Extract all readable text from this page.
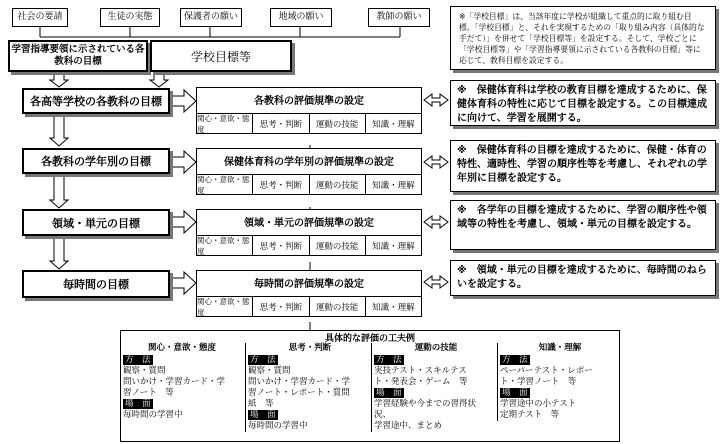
社会の要請	生徒の実態	保護者の願い	地域の願い	教師の願い
学習指導要領に示されている各教科の目標	学校目標等
※「学校目標」は、当該年度に学校が組織して重点的に取り組む目標。「学校目標」と、それを実現するための「取り組み内容（具体的な手だて）」を併せて「学校目標等」を設定する。そして、学校ごとに「学校目標等」や「学習指導要領に示されている各教科の目標」等に応じて、教科目標を設定する。
各高等学校の各教科の目標	各教科の評価規準の設定
関心・意欲・態度	思考・判断	運動の技能	知識・理解
※　保健体育科は学校の教育目標を達成するために、保健体育科の特性に応じて目標を設定する。この目標達成に向けて、学習を展開する。
各教科の学年別の目標	保健体育科の学年別の評価規準の設定
関心・意欲・態度	思考・判断	運動の技能	知識・理解
※　保健体育科の目標を達成するために、保健・体育の特性、適時性、学習の順序性等を考慮し、それぞれの学年別に目標を設定する。
領域・単元の目標	領域・単元の評価規準の設定
関心・意欲・態度	思考・判断	運動の技能	知識・理解
※　各学年の目標を達成するために、学習の順序性や領域等の特性を考慮し、領域・単元の目標を設定する。
毎時間の目標	毎時間の評価規準の設定
関心・意欲・態度	思考・判断	運動の技能	知識・理解
※　領域・単元の目標を達成するために、毎時間のねらいを設定する。
具体的な評価の工夫例
関心・意欲・態度
方　法
観察・質問
問いかけ・学習カード・学
習ノート　等
場　面
毎時間の学習中
思考・判断
方　法
観察・質問
問いかけ・学習カード・学
習ノート・レポート・質問
紙　等
場　面
毎時間の学習中
運動の技能
方　法
実技テスト・スキルテス
ト・発表会・ゲーム　等
場　面
学習経験や今までの習得状
況、
学習途中、まとめ
知識・理解
方　法
ペーパーテスト・レポー
ト・学習ノート　等
場　面
学習途中の小テスト
定期テスト　等
